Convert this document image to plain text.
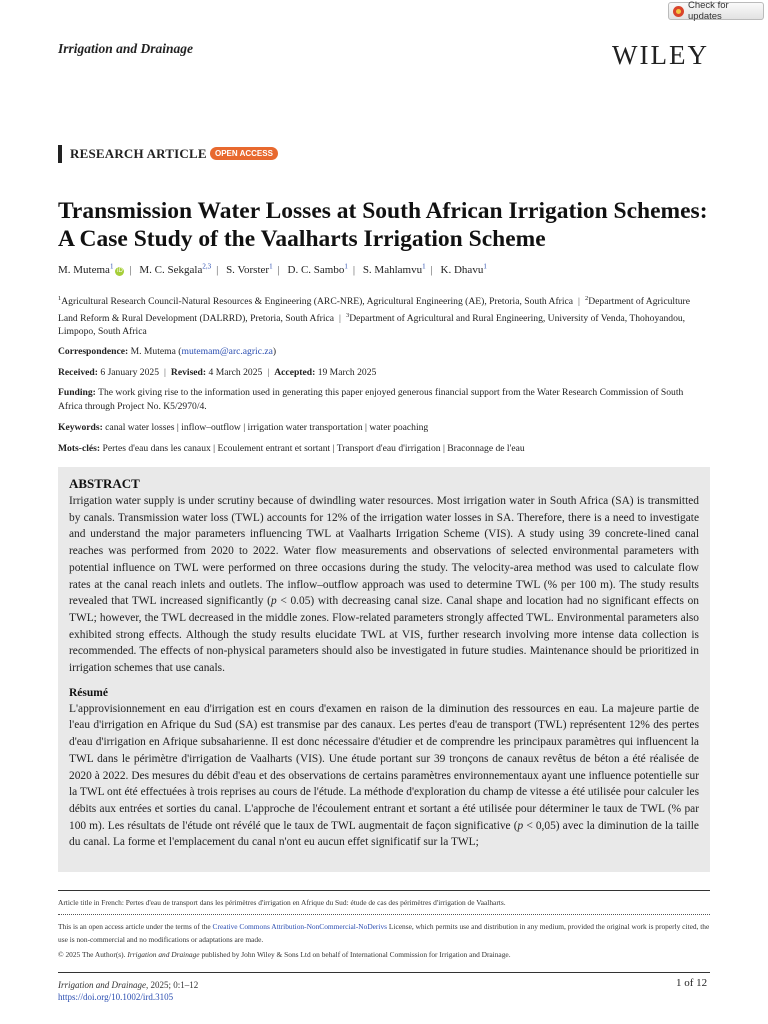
Check for updates
Irrigation and Drainage	WILEY
RESEARCH ARTICLE	OPEN ACCESS
Transmission Water Losses at South African Irrigation Schemes: A Case Study of the Vaalharts Irrigation Scheme
M. Mutema$^1$iD | M. C. Sekgala$^{2,3}$ | S. Vorster$^1$ | D. C. Sambo$^1$ | S. Mahlamvu$^1$ | K. Dhavu$^1$
$^1$Agricultural Research Council-Natural Resources & Engineering (ARC-NRE), Agricultural Engineering (AE), Pretoria, South Africa | $^2$Department of Agriculture Land Reform & Rural Development (DALRRD), Pretoria, South Africa | $^3$Department of Agricultural and Rural Engineering, University of Venda, Thohoyandou, Limpopo, South Africa
Correspondence: M. Mutema (mutemam@arc.agric.za)
Received: 6 January 2025 | Revised: 4 March 2025 | Accepted: 19 March 2025
Funding: The work giving rise to the information used in generating this paper enjoyed generous financial support from the Water Research Commission of South Africa through Project No. K5/2970/4.
Keywords: canal water losses | inflow–outflow | irrigation water transportation | water poaching
Mots-clés: Pertes d'eau dans les canaux | Ecoulement entrant et sortant | Transport d'eau d'irrigation | Braconnage de l'eau
ABSTRACT

Irrigation water supply is under scrutiny because of dwindling water resources. Most irrigation water in South Africa (SA) is transmitted by canals. Transmission water loss (TWL) accounts for 12% of the irrigation water losses in SA. Therefore, there is a need to investigate and understand the major parameters influencing TWL at Vaalharts Irrigation Scheme (VIS). A study using 39 concrete-lined canal reaches was performed from 2020 to 2022. Water flow measurements and observations of selected environmental parameters with potential influence on TWL were performed on three occasions during the study. The velocity-area method was used to calculate flow rates at the canal reach inlets and outlets. The inflow–outflow approach was used to determine TWL (% per 100 m). The study results revealed that TWL increased significantly (p < 0.05) with decreasing canal size. Canal shape and location had no significant effects on TWL; however, the TWL decreased in the middle zones. Flow-related parameters strongly affected TWL. Environmental parameters also exhibited strong effects. Although the study results elucidate TWL at VIS, further research involving more intense data collection is recommended. The effects of non-physical parameters should also be investigated in future studies. Maintenance should be prioritized in irrigation schemes that use canals.

Résumé

L'approvisionnement en eau d'irrigation est en cours d'examen en raison de la diminution des ressources en eau. La majeure partie de l'eau d'irrigation en Afrique du Sud (SA) est transmise par des canaux. Les pertes d'eau de transport (TWL) représentent 12% des pertes d'eau d'irrigation en Afrique subsaharienne. Il est donc nécessaire d'étudier et de comprendre les principaux paramètres qui influencent la TWL dans le périmètre d'irrigation de Vaalharts (VIS). Une étude portant sur 39 tronçons de canaux revêtus de béton a été réalisée de 2020 à 2022. Des mesures du débit d'eau et des observations de certains paramètres environnementaux ayant une influence potentielle sur la TWL ont été effectuées à trois reprises au cours de l'étude. La méthode d'exploration du champ de vitesse a été utilisée pour calculer les débits aux entrées et sorties du canal. L'approche de l'écoulement entrant et sortant a été utilisée pour déterminer le taux de TWL (% par 100 m). Les résultats de l'étude ont révélé que le taux de TWL augmentait de façon significative (p < 0,05) avec la diminution de la taille du canal. La forme et l'emplacement du canal n'ont eu aucun effet significatif sur la TWL;

Article title in French: Pertes d'eau de transport dans les périmètres d'irrigation en Afrique du Sud: étude de cas des périmètres d'irrigation de Vaalharts.
This is an open access article under the terms of the Creative Commons Attribution-NonCommercial-NoDerivs License, which permits use and distribution in any medium, provided the original work is properly cited, the use is non-commercial and no modifications or adaptations are made.
© 2025 The Author(s). Irrigation and Drainage published by John Wiley & Sons Ltd on behalf of International Commission for Irrigation and Drainage.
Irrigation and Drainage, 2025; 0:1–12
https://doi.org/10.1002/ird.3105
1 of 12
